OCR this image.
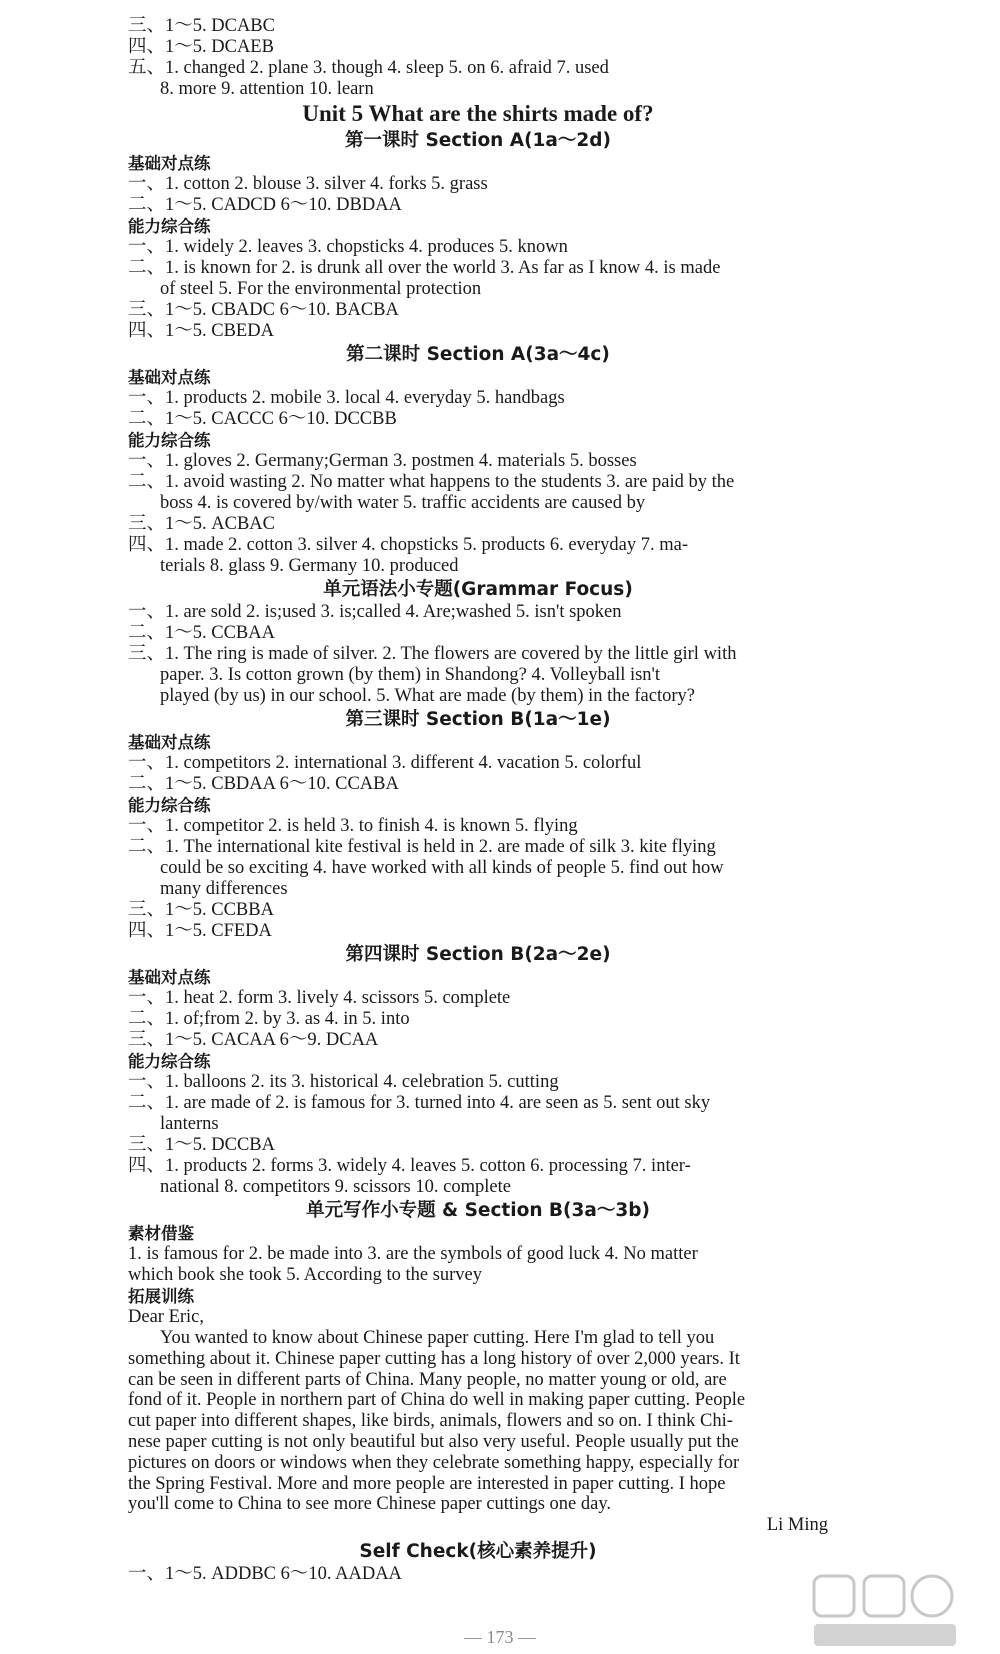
三、1～5. DCABC
四、1～5. DCAEB
五、1. changed 2. plane 3. though 4. sleep 5. on 6. afraid 7. used
8. more 9. attention 10. learn
Unit 5 What are the shirts made of?
第一课时 Section A(1a～2d)
基础对点练
一、1. cotton 2. blouse 3. silver 4. forks 5. grass
二、1～5. CADCD 6～10. DBDAA
能力综合练
一、1. widely 2. leaves 3. chopsticks 4. produces 5. known
二、1. is known for 2. is drunk all over the world 3. As far as I know 4. is made
of steel 5. For the environmental protection
三、1～5. CBADC 6～10. BACBA
四、1～5. CBEDA
第二课时 Section A(3a～4c)
基础对点练
一、1. products 2. mobile 3. local 4. everyday 5. handbags
二、1～5. CACCC 6～10. DCCBB
能力综合练
一、1. gloves 2. Germany;German 3. postmen 4. materials 5. bosses
二、1. avoid wasting 2. No matter what happens to the students 3. are paid by the
boss 4. is covered by/with water 5. traffic accidents are caused by
三、1～5. ACBAC
四、1. made 2. cotton 3. silver 4. chopsticks 5. products 6. everyday 7. ma-
terials 8. glass 9. Germany 10. produced
单元语法小专题(Grammar Focus)
一、1. are sold 2. is;used 3. is;called 4. Are;washed 5. isn't spoken
二、1～5. CCBAA
三、1. The ring is made of silver. 2. The flowers are covered by the little girl with
paper. 3. Is cotton grown (by them) in Shandong? 4. Volleyball isn't
played (by us) in our school. 5. What are made (by them) in the factory?
第三课时 Section B(1a～1e)
基础对点练
一、1. competitors 2. international 3. different 4. vacation 5. colorful
二、1～5. CBDAA 6～10. CCABA
能力综合练
一、1. competitor 2. is held 3. to finish 4. is known 5. flying
二、1. The international kite festival is held in 2. are made of silk 3. kite flying
could be so exciting 4. have worked with all kinds of people 5. find out how
many differences
三、1～5. CCBBA
四、1～5. CFEDA
第四课时 Section B(2a～2e)
基础对点练
一、1. heat 2. form 3. lively 4. scissors 5. complete
二、1. of;from 2. by 3. as 4. in 5. into
三、1～5. CACAA 6～9. DCAA
能力综合练
一、1. balloons 2. its 3. historical 4. celebration 5. cutting
二、1. are made of 2. is famous for 3. turned into 4. are seen as 5. sent out sky
lanterns
三、1～5. DCCBA
四、1. products 2. forms 3. widely 4. leaves 5. cotton 6. processing 7. inter-
national 8. competitors 9. scissors 10. complete
单元写作小专题 & Section B(3a～3b)
素材借鉴
1. is famous for 2. be made into 3. are the symbols of good luck 4. No matter
which book she took 5. According to the survey
拓展训练
Dear Eric,
You wanted to know about Chinese paper cutting. Here I'm glad to tell you
something about it. Chinese paper cutting has a long history of over 2,000 years. It
can be seen in different parts of China. Many people, no matter young or old, are
fond of it. People in northern part of China do well in making paper cutting. People
cut paper into different shapes, like birds, animals, flowers and so on. I think Chi-
nese paper cutting is not only beautiful but also very useful. People usually put the
pictures on doors or windows when they celebrate something happy, especially for
the Spring Festival. More and more people are interested in paper cutting. I hope
you'll come to China to see more Chinese paper cuttings one day.
Li Ming
Self Check(核心素养提升)
一、1～5. ADDBC 6～10. AADAA
— 173 —
